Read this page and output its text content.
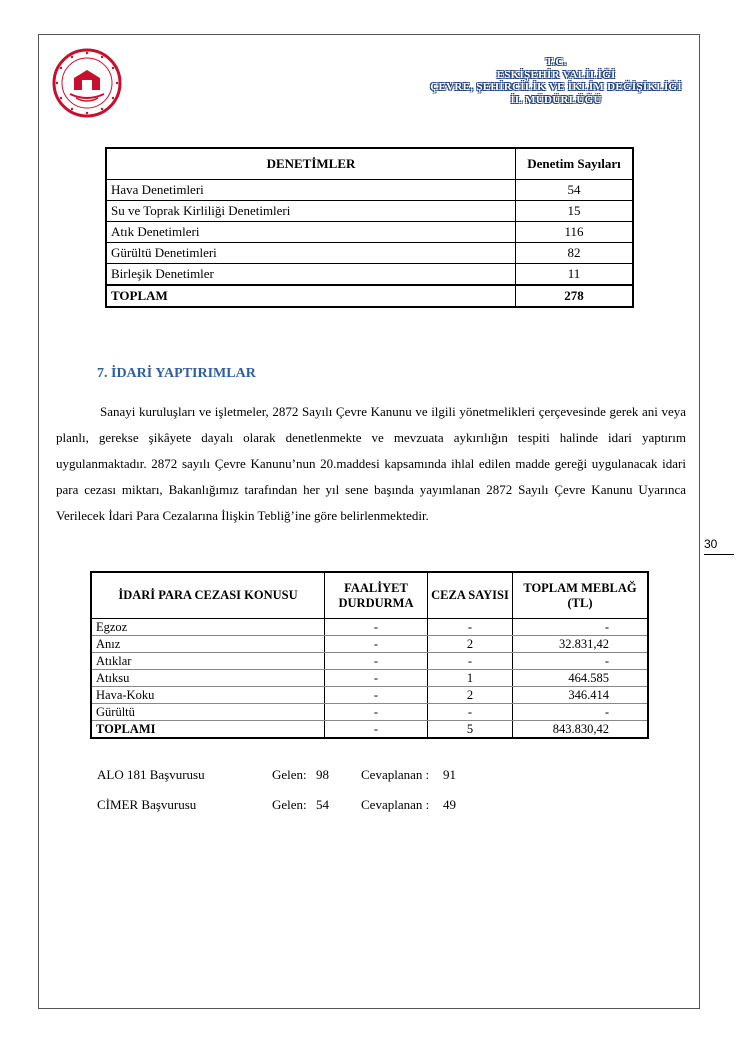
T.C.
ESKİŞEHİR VALİLİĞİ
ÇEVRE, ŞEHİRCİLİK VE İKLİM DEĞİŞİKLİĞİ
İL MÜDÜRLÜĞÜ
DENETİMLER	Denetim Sayıları
Hava Denetimleri	54
Su ve Toprak Kirliliği Denetimleri	15
Atık Denetimleri	116
Gürültü Denetimleri	82
Birleşik Denetimler	11
TOPLAM	278
7. İDARİ YAPTIRIMLAR
Sanayi kuruluşları ve işletmeler, 2872 Sayılı Çevre Kanunu ve ilgili yönetmelikleri çerçevesinde gerek ani veya planlı, gerekse şikâyete dayalı olarak denetlenmekte ve mevzuata aykırılığın tespiti halinde idari yaptırım uygulanmaktadır. 2872 sayılı Çevre Kanunu’nun 20.maddesi kapsamında ihlal edilen madde gereği uygulanacak idari para cezası miktarı, Bakanlığımız tarafından her yıl sene başında yayımlanan 2872 Sayılı Çevre Kanunu Uyarınca Verilecek İdari Para Cezalarına İlişkin Tebliğ’ine göre belirlenmektedir.
30
İDARİ PARA CEZASI KONUSU	FAALİYET DURDURMA	CEZA SAYISI	TOPLAM MEBLAĞ (TL)
Egzoz	-	-	-
Anız	-	2	32.831,42
Atıklar	-	-	-
Atıksu	-	1	464.585
Hava-Koku	-	2	346.414
Gürültü	-	-	-
TOPLAMI	-	5	843.830,42
ALO 181 Başvurusu	Gelen: 98 Cevaplanan : 91
CİMER Başvurusu	Gelen: 54 Cevaplanan : 49
